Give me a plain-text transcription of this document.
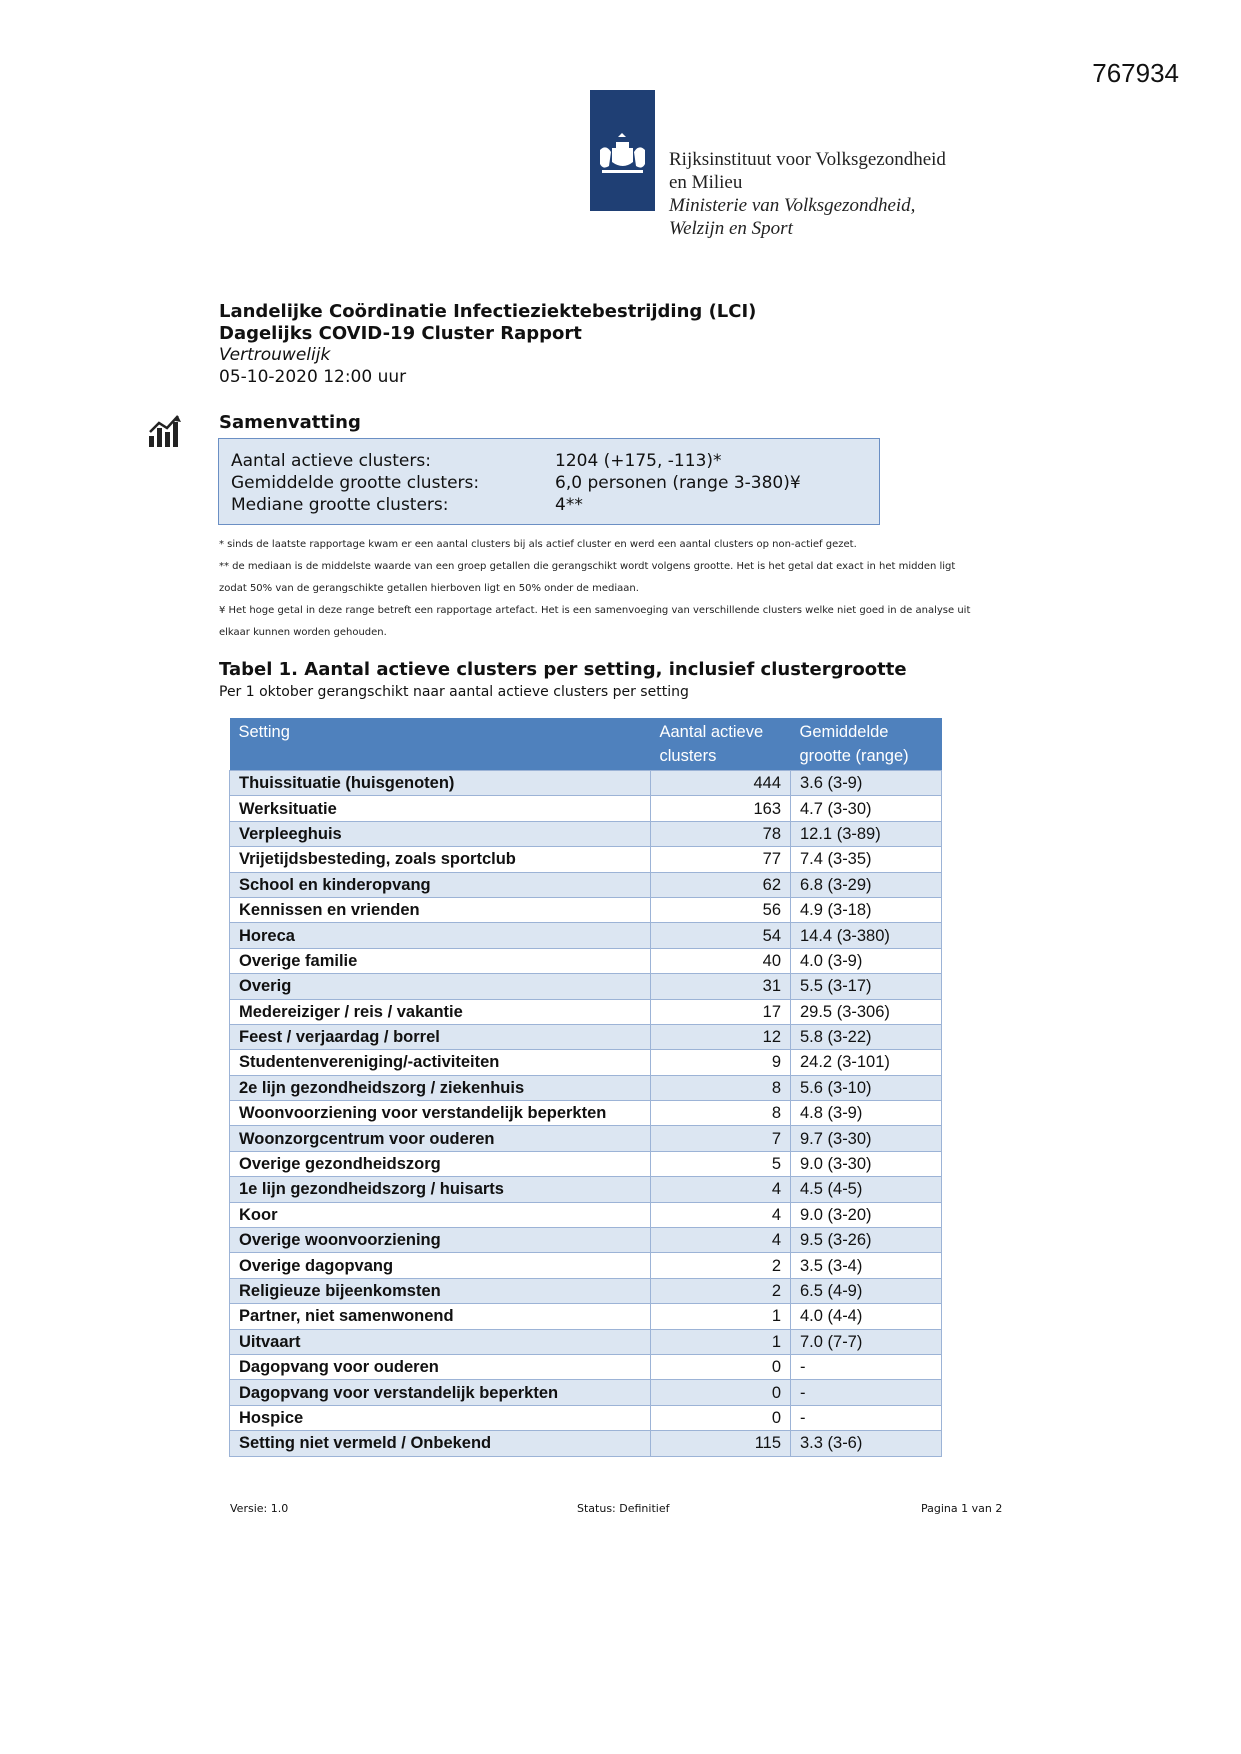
767934
Rijksinstituut voor Volksgezondheid
en Milieu
Ministerie van Volksgezondheid,
Welzijn en Sport
Landelijke Coördinatie Infectieziektebestrijding (LCI)
Dagelijks COVID-19 Cluster Rapport
Vertrouwelijk
05-10-2020 12:00 uur
Samenvatting
Aantal actieve clusters:	1204 (+175, -113)*
Gemiddelde grootte clusters:	6,0 personen (range 3-380)¥
Mediane grootte clusters:	4**
* sinds de laatste rapportage kwam er een aantal clusters bij als actief cluster en werd een aantal clusters op non-actief gezet.
** de mediaan is de middelste waarde van een groep getallen die gerangschikt wordt volgens grootte. Het is het getal dat exact in het midden ligt
zodat 50% van de gerangschikte getallen hierboven ligt en 50% onder de mediaan.
¥ Het hoge getal in deze range betreft een rapportage artefact. Het is een samenvoeging van verschillende clusters welke niet goed in de analyse uit
elkaar kunnen worden gehouden.
Tabel 1. Aantal actieve clusters per setting, inclusief clustergrootte
Per 1 oktober gerangschikt naar aantal actieve clusters per setting
Setting	Aantal actieve clusters	Gemiddelde grootte (range)
Thuissituatie (huisgenoten)	444	3.6 (3-9)
Werksituatie	163	4.7 (3-30)
Verpleeghuis	78	12.1 (3-89)
Vrijetijdsbesteding, zoals sportclub	77	7.4 (3-35)
School en kinderopvang	62	6.8 (3-29)
Kennissen en vrienden	56	4.9 (3-18)
Horeca	54	14.4 (3-380)
Overige familie	40	4.0 (3-9)
Overig	31	5.5 (3-17)
Medereiziger / reis / vakantie	17	29.5 (3-306)
Feest / verjaardag / borrel	12	5.8 (3-22)
Studentenvereniging/-activiteiten	9	24.2 (3-101)
2e lijn gezondheidszorg / ziekenhuis	8	5.6 (3-10)
Woonvoorziening voor verstandelijk beperkten	8	4.8 (3-9)
Woonzorgcentrum voor ouderen	7	9.7 (3-30)
Overige gezondheidszorg	5	9.0 (3-30)
1e lijn gezondheidszorg / huisarts	4	4.5 (4-5)
Koor	4	9.0 (3-20)
Overige woonvoorziening	4	9.5 (3-26)
Overige dagopvang	2	3.5 (3-4)
Religieuze bijeenkomsten	2	6.5 (4-9)
Partner, niet samenwonend	1	4.0 (4-4)
Uitvaart	1	7.0 (7-7)
Dagopvang voor ouderen	0	-
Dagopvang voor verstandelijk beperkten	0	-
Hospice	0	-
Setting niet vermeld / Onbekend	115	3.3 (3-6)
Versie: 1.0	Status: Definitief	Pagina 1 van 2
